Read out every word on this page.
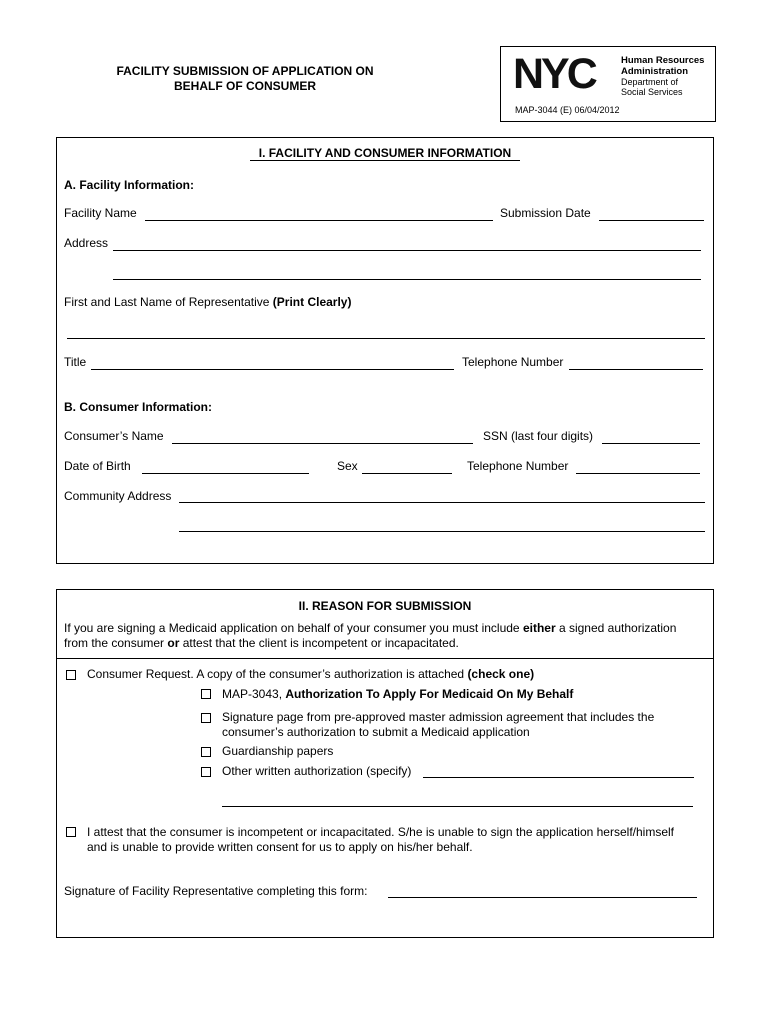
FACILITY SUBMISSION OF APPLICATION ON
BEHALF OF CONSUMER	NYC	Human Resources
Administration
Department of
Social Services
MAP-3044 (E) 06/04/2012
I. FACILITY AND CONSUMER INFORMATION
A. Facility Information:
Facility Name	Submission Date
Address
First and Last Name of Representative (Print Clearly)
Title	Telephone Number
B. Consumer Information:
Consumer’s Name	SSN (last four digits)
Date of Birth	Sex	Telephone Number
Community Address
II. REASON FOR SUBMISSION
If you are signing a Medicaid application on behalf of your consumer you must include either a signed authorization
from the consumer or attest that the client is incompetent or incapacitated.
Consumer Request. A copy of the consumer’s authorization is attached (check one)
MAP-3043, Authorization To Apply For Medicaid On My Behalf
Signature page from pre-approved master admission agreement that includes the
consumer’s authorization to submit a Medicaid application
Guardianship papers
Other written authorization (specify)
I attest that the consumer is incompetent or incapacitated. S/he is unable to sign the application herself/himself
and is unable to provide written consent for us to apply on his/her behalf.
Signature of Facility Representative completing this form:
